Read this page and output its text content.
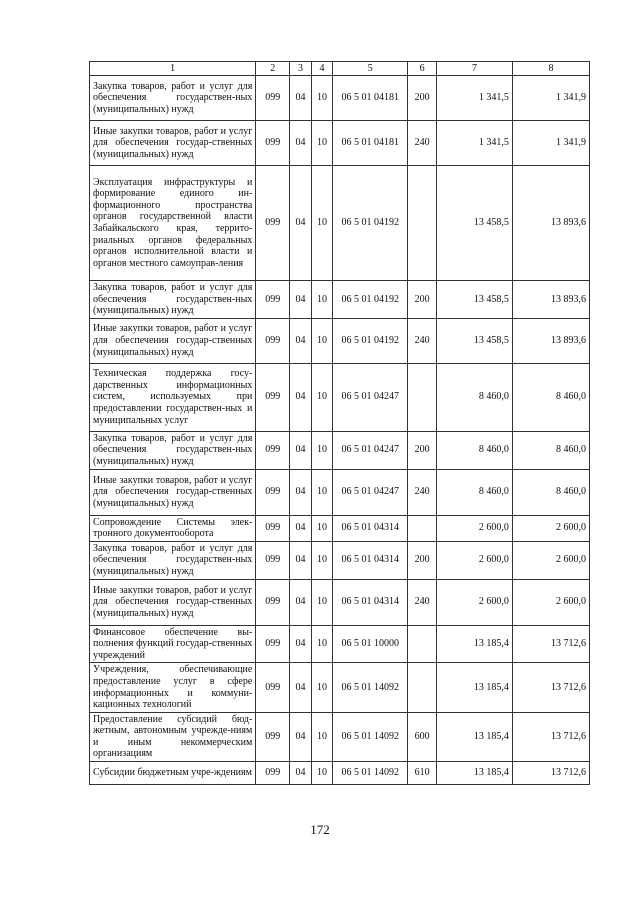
1	2	3	4	5	6	7	8
Закупка товаров, работ и услуг для обеспечения государствен-ных (муниципальных) нужд	099	04	10	06 5 01 04181	200	1 341,5	1 341,9
Иные закупки товаров, работ и услуг для обеспечения государ-ственных (муниципальных) нужд	099	04	10	06 5 01 04181	240	1 341,5	1 341,9
Эксплуатация инфраструктуры и формирование единого ин-формационного пространства органов государственной власти Забайкальского края, террито-риальных органов федеральных органов исполнительной власти и органов местного самоуправ-ления	099	04	10	06 5 01 04192		13 458,5	13 893,6
Закупка товаров, работ и услуг для обеспечения государствен-ных (муниципальных) нужд	099	04	10	06 5 01 04192	200	13 458,5	13 893,6
Иные закупки товаров, работ и услуг для обеспечения государ-ственных (муниципальных) нужд	099	04	10	06 5 01 04192	240	13 458,5	13 893,6
Техническая поддержка госу-дарственных информационных систем, используемых при предоставлении государствен-ных и муниципальных услуг	099	04	10	06 5 01 04247		8 460,0	8 460,0
Закупка товаров, работ и услуг для обеспечения государствен-ных (муниципальных) нужд	099	04	10	06 5 01 04247	200	8 460,0	8 460,0
Иные закупки товаров, работ и услуг для обеспечения государ-ственных (муниципальных) нужд	099	04	10	06 5 01 04247	240	8 460,0	8 460,0
Сопровождение Системы элек-тронного документооборота	099	04	10	06 5 01 04314		2 600,0	2 600,0
Закупка товаров, работ и услуг для обеспечения государствен-ных (муниципальных) нужд	099	04	10	06 5 01 04314	200	2 600,0	2 600,0
Иные закупки товаров, работ и услуг для обеспечения государ-ственных (муниципальных) нужд	099	04	10	06 5 01 04314	240	2 600,0	2 600,0
Финансовое обеспечение вы-полнения функций государ-ственных учреждений	099	04	10	06 5 01 10000		13 185,4	13 712,6
Учреждения, обеспечивающие предоставление услуг в сфере информационных и коммуни-кационных технологий	099	04	10	06 5 01 14092		13 185,4	13 712,6
Предоставление субсидий бюд-жетным, автономным учрежде-ниям и иным некоммерческим организациям	099	04	10	06 5 01 14092	600	13 185,4	13 712,6
Субсидии бюджетным учре-ждениям	099	04	10	06 5 01 14092	610	13 185,4	13 712,6
172
